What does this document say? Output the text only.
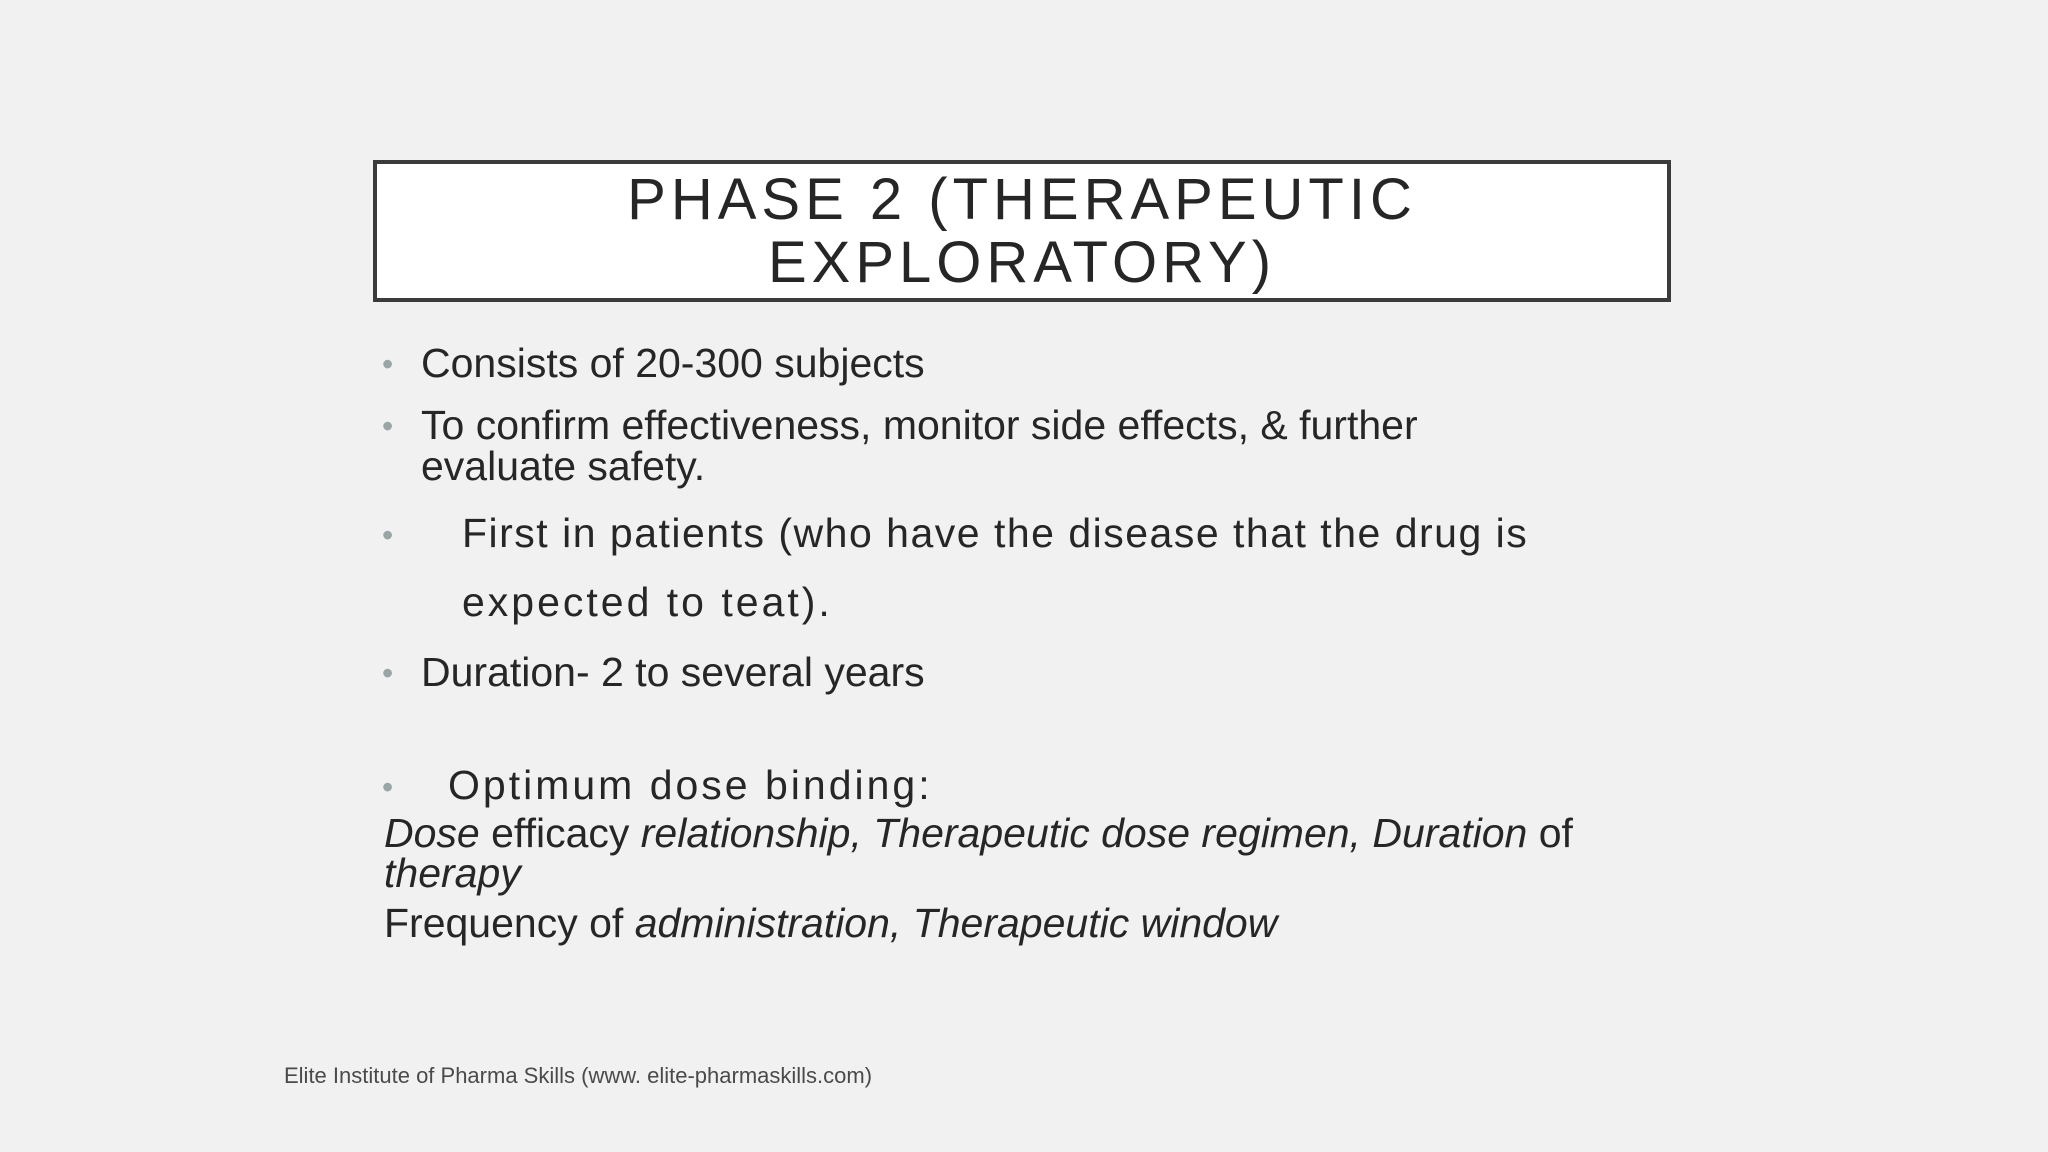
PHASE 2 (THERAPEUTIC
EXPLORATORY)
• Consists of 20-300 subjects
• To confirm effectiveness, monitor side effects, & further
evaluate safety.
• First in patients (who have the disease that the drug is
expected to teat).
• Duration- 2 to several years
• Optimum dose binding:
Dose efficacy relationship, Therapeutic dose regimen, Duration of
therapy
Frequency of administration, Therapeutic window
Elite Institute of Pharma Skills (www. elite-pharmaskills.com)
